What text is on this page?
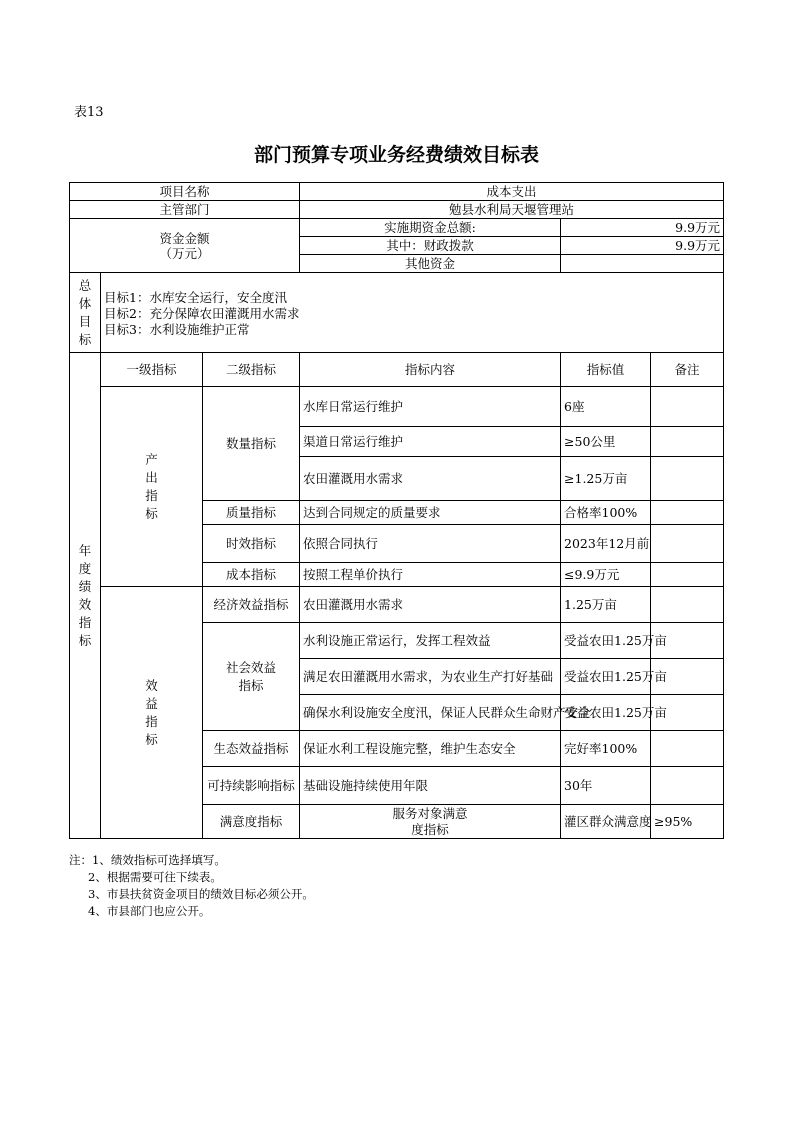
表13
部门预算专项业务经费绩效目标表
项目名称			成本支出			
主管部门			勉县水利局天堰管理站			

资金金额
（万元）			实施期资金总额:	9.9万元		
			其中：财政拨款	9.9万元		
			其他资金			
总体目标	目标1：水库安全运行，安全度汛
目标2：充分保障农田灌溉用水需求
目标3：水利设施维护正常					

年度绩效指标	一级指标	二级指标	指标内容	指标值	备注	
	产出指标	数量指标	水库日常运行维护	6座		
			渠道日常运行维护	≥50公里		
			农田灌溉用水需求	≥1.25万亩		
		质量指标	达到合同规定的质量要求	合格率100%		
		时效指标	依照合同执行	2023年12月前		
		成本指标	按照工程单价执行	≤9.9万元		
	效益指标	经济效益指标	农田灌溉用水需求	1.25万亩		
		社会效益指标	水利设施正常运行，发挥工程效益	受益农田1.25万亩		
			满足农田灌溉用水需求，为农业生产打好基础	受益农田1.25万亩		
			确保水利设施安全度汛，保证人民群众生命财产安全	受益农田1.25万亩		
		生态效益指标	保证水利工程设施完整，维护生态安全	完好率100%		
		可持续影响指标	基础设施持续使用年限	30年		
		满意度指标	服务对象满意度指标	灌区群众满意度	≥95%	
注：1、绩效指标可选择填写。
2、根据需要可往下续表。
3、市县扶贫资金项目的绩效目标必须公开。
4、市县部门也应公开。
